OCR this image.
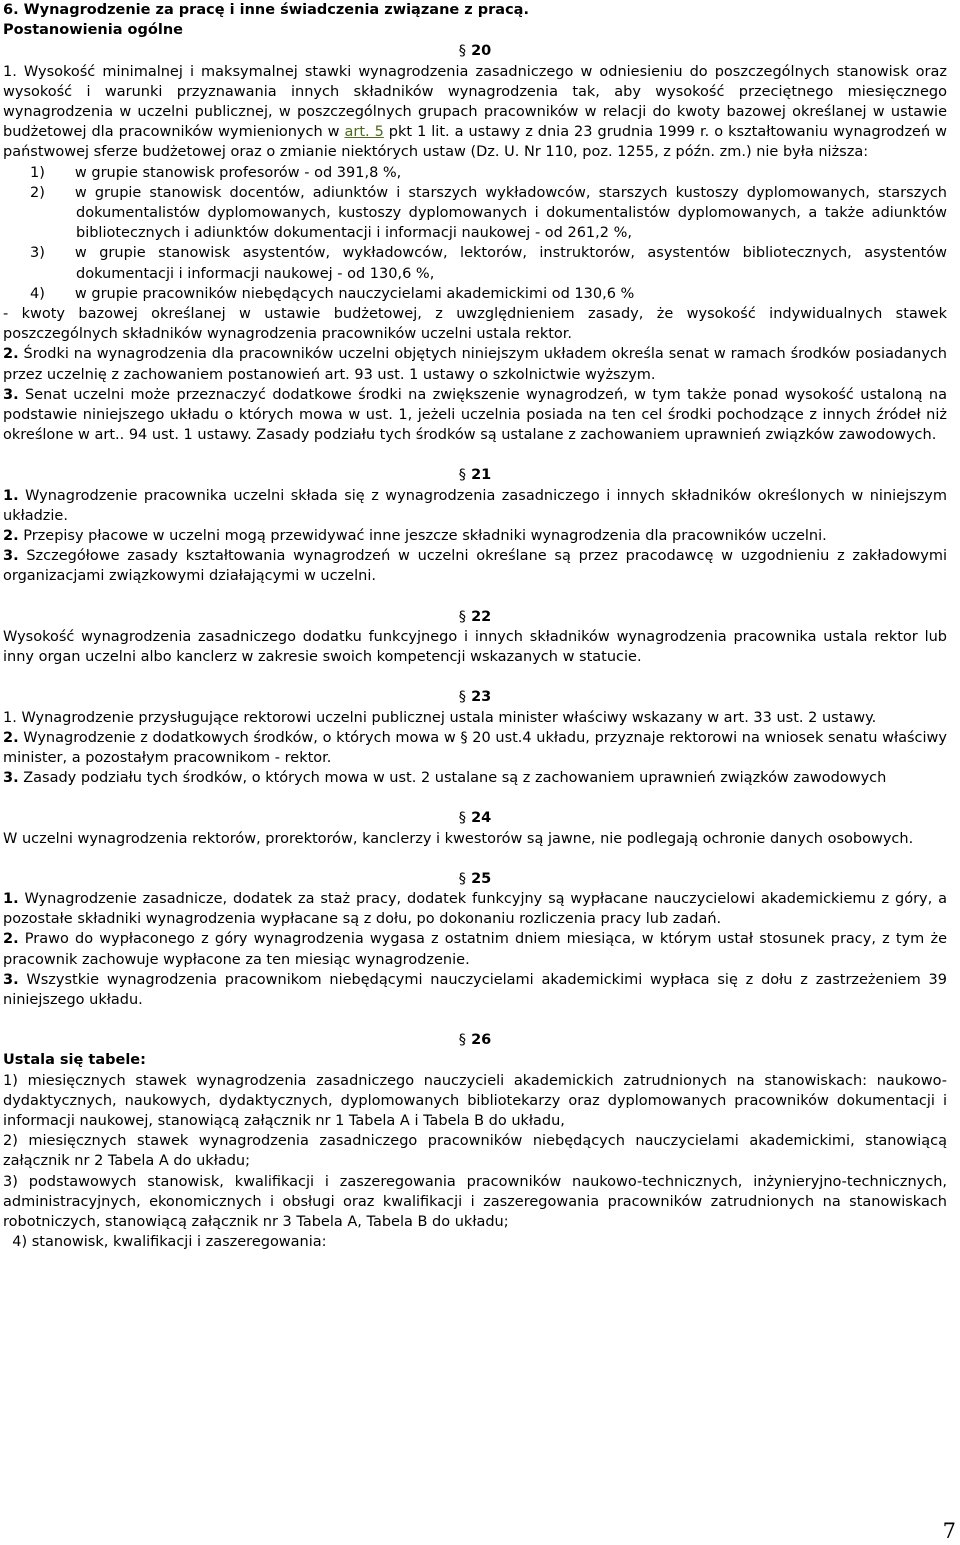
6. Wynagrodzenie za pracę i inne świadczenia związane z pracą.

Postanowienia ogólne

§ 20

1. Wysokość minimalnej i maksymalnej stawki wynagrodzenia zasadniczego w odniesieniu do poszczególnych stanowisk oraz wysokość i warunki przyznawania innych składników wynagrodzenia tak, aby wysokość przeciętnego miesięcznego wynagrodzenia w uczelni publicznej, w poszczególnych grupach pracowników w relacji do kwoty bazowej określanej w ustawie budżetowej dla pracowników wymienionych w art. 5 pkt 1 lit. a ustawy z dnia 23 grudnia 1999 r. o kształtowaniu wynagrodzeń w państwowej sferze budżetowej oraz o zmianie niektórych ustaw (Dz. U. Nr 110, poz. 1255, z późn. zm.) nie była niższa:

1) w grupie stanowisk profesorów - od 391,8 %,

2) w grupie stanowisk docentów, adiunktów i starszych wykładowców, starszych kustoszy dyplomowanych, starszych dokumentalistów dyplomowanych, kustoszy dyplomowanych i dokumentalistów dyplomowanych, a także adiunktów bibliotecznych i adiunktów dokumentacji i informacji naukowej - od 261,2 %,

3) w grupie stanowisk asystentów, wykładowców, lektorów, instruktorów, asystentów bibliotecznych, asystentów dokumentacji i informacji naukowej - od 130,6 %,

4) w grupie pracowników niebędących nauczycielami akademickimi od 130,6 %

- kwoty bazowej określanej w ustawie budżetowej, z uwzględnieniem zasady, że wysokość indywidualnych stawek poszczególnych składników wynagrodzenia pracowników uczelni ustala rektor.

2. Środki na wynagrodzenia dla pracowników uczelni objętych niniejszym układem określa senat w ramach środków posiadanych przez uczelnię z zachowaniem postanowień art. 93 ust. 1 ustawy o szkolnictwie wyższym.

3. Senat uczelni może przeznaczyć dodatkowe środki na zwiększenie wynagrodzeń, w tym także ponad wysokość ustaloną na podstawie niniejszego układu o których mowa w ust. 1, jeżeli uczelnia posiada na ten cel środki pochodzące z innych źródeł niż określone w art.. 94 ust. 1 ustawy. Zasady podziału tych środków są ustalane z zachowaniem uprawnień związków zawodowych.

§ 21

1. Wynagrodzenie pracownika uczelni składa się z wynagrodzenia zasadniczego i innych składników określonych w niniejszym układzie.

2. Przepisy płacowe w uczelni mogą przewidywać inne jeszcze składniki wynagrodzenia dla pracowników uczelni.

3. Szczegółowe zasady kształtowania wynagrodzeń w uczelni określane są przez pracodawcę w uzgodnieniu z zakładowymi organizacjami związkowymi działającymi w uczelni.

§ 22

Wysokość wynagrodzenia zasadniczego dodatku funkcyjnego i innych składników wynagrodzenia pracownika ustala rektor lub inny organ uczelni albo kanclerz w zakresie swoich kompetencji wskazanych w statucie.

§ 23

1. Wynagrodzenie przysługujące rektorowi uczelni publicznej ustala minister właściwy wskazany w art. 33 ust. 2 ustawy.

2. Wynagrodzenie z dodatkowych środków, o których mowa w § 20 ust.4 układu, przyznaje rektorowi na wniosek senatu właściwy minister, a pozostałym pracownikom - rektor.

3. Zasady podziału tych środków, o których mowa w ust. 2 ustalane są z zachowaniem uprawnień związków zawodowych

§ 24

W uczelni wynagrodzenia rektorów, prorektorów, kanclerzy i kwestorów są jawne, nie podlegają ochronie danych osobowych.

§ 25

1. Wynagrodzenie zasadnicze, dodatek za staż pracy, dodatek funkcyjny są wypłacane nauczycielowi akademickiemu z góry, a pozostałe składniki wynagrodzenia wypłacane są z dołu, po dokonaniu rozliczenia pracy lub zadań.

2. Prawo do wypłaconego z góry wynagrodzenia wygasa z ostatnim dniem miesiąca, w którym ustał stosunek pracy, z tym że pracownik zachowuje wypłacone za ten miesiąc wynagrodzenie.

3. Wszystkie wynagrodzenia pracownikom niebędącymi nauczycielami akademickimi wypłaca się z dołu z zastrzeżeniem 39 niniejszego układu.

§ 26

Ustala się tabele:

1) miesięcznych stawek wynagrodzenia zasadniczego nauczycieli akademickich zatrudnionych na stanowiskach: naukowo-dydaktycznych, naukowych, dydaktycznych, dyplomowanych bibliotekarzy oraz dyplomowanych pracowników dokumentacji i informacji naukowej, stanowiącą załącznik nr 1 Tabela A i Tabela B do układu,

2) miesięcznych stawek wynagrodzenia zasadniczego pracowników niebędących nauczycielami akademickimi, stanowiącą załącznik nr 2 Tabela A do układu;

3) podstawowych stanowisk, kwalifikacji i zaszeregowania pracowników naukowo-technicznych, inżynieryjno-technicznych, administracyjnych, ekonomicznych i obsługi oraz kwalifikacji i zaszeregowania pracowników zatrudnionych na stanowiskach robotniczych, stanowiącą załącznik nr 3 Tabela A, Tabela B do układu;

4) stanowisk, kwalifikacji i zaszeregowania:

7
